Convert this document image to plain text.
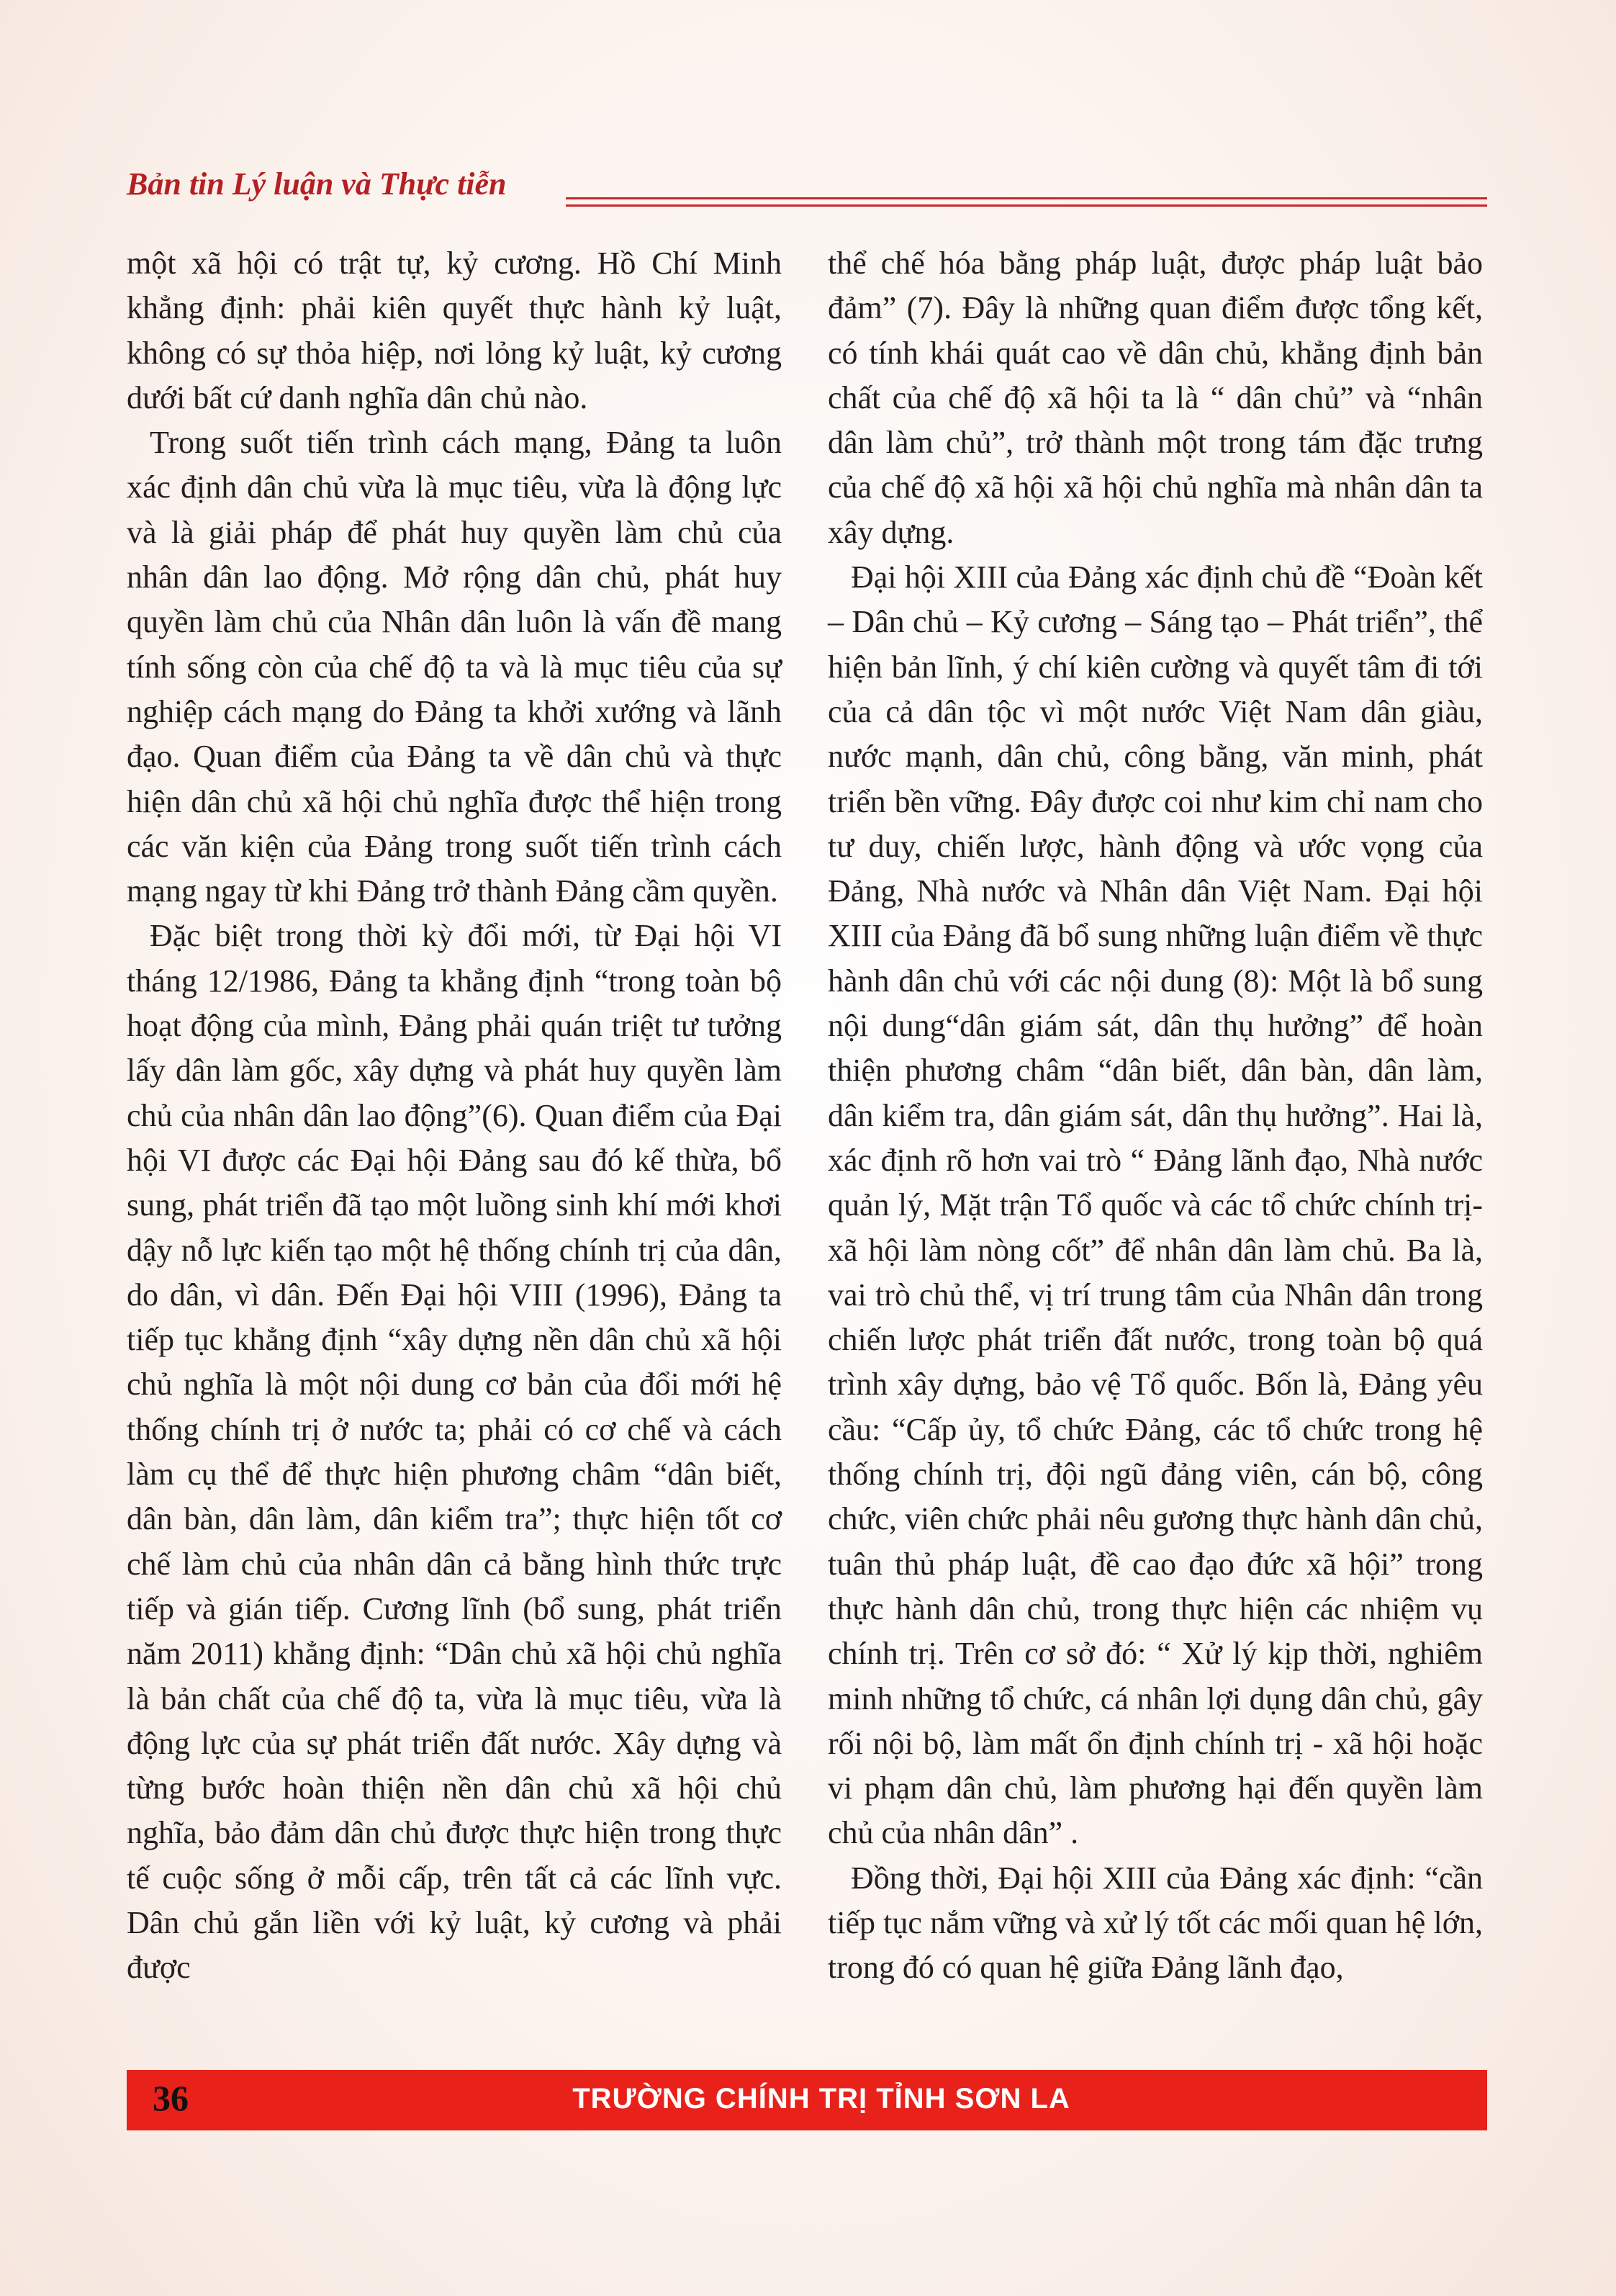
Bản tin Lý luận và Thực tiễn

một xã hội có trật tự, kỷ cương. Hồ Chí Minh khẳng định: phải kiên quyết thực hành kỷ luật, không có sự thỏa hiệp, nơi lỏng kỷ luật, kỷ cương dưới bất cứ danh nghĩa dân chủ nào.

Trong suốt tiến trình cách mạng, Đảng ta luôn xác định dân chủ vừa là mục tiêu, vừa là động lực và là giải pháp để phát huy quyền làm chủ của nhân dân lao động. Mở rộng dân chủ, phát huy quyền làm chủ của Nhân dân luôn là vấn đề mang tính sống còn của chế độ ta và là mục tiêu của sự nghiệp cách mạng do Đảng ta khởi xướng và lãnh đạo. Quan điểm của Đảng ta về dân chủ và thực hiện dân chủ xã hội chủ nghĩa được thể hiện trong các văn kiện của Đảng trong suốt tiến trình cách mạng ngay từ khi Đảng trở thành Đảng cầm quyền.

Đặc biệt trong thời kỳ đổi mới, từ Đại hội VI tháng 12/1986, Đảng ta khẳng định “trong toàn bộ hoạt động của mình, Đảng phải quán triệt tư tưởng lấy dân làm gốc, xây dựng và phát huy quyền làm chủ của nhân dân lao động”(6). Quan điểm của Đại hội VI được các Đại hội Đảng sau đó kế thừa, bổ sung, phát triển đã tạo một luồng sinh khí mới khơi dậy nỗ lực kiến tạo một hệ thống chính trị của dân, do dân, vì dân. Đến Đại hội VIII (1996), Đảng ta tiếp tục khẳng định “xây dựng nền dân chủ xã hội chủ nghĩa là một nội dung cơ bản của đổi mới hệ thống chính trị ở nước ta; phải có cơ chế và cách làm cụ thể để thực hiện phương châm “dân biết, dân bàn, dân làm, dân kiểm tra”; thực hiện tốt cơ chế làm chủ của nhân dân cả bằng hình thức trực tiếp và gián tiếp. Cương lĩnh (bổ sung, phát triển năm 2011) khẳng định: “Dân chủ xã hội chủ nghĩa là bản chất của chế độ ta, vừa là mục tiêu, vừa là động lực của sự phát triển đất nước. Xây dựng và từng bước hoàn thiện nền dân chủ xã hội chủ nghĩa, bảo đảm dân chủ được thực hiện trong thực tế cuộc sống ở mỗi cấp, trên tất cả các lĩnh vực. Dân chủ gắn liền với kỷ luật, kỷ cương và phải được

thể chế hóa bằng pháp luật, được pháp luật bảo đảm” (7). Đây là những quan điểm được tổng kết, có tính khái quát cao về dân chủ, khẳng định bản chất của chế độ xã hội ta là “ dân chủ” và “nhân dân làm chủ”, trở thành một trong tám đặc trưng của chế độ xã hội xã hội chủ nghĩa mà nhân dân ta xây dựng.

Đại hội XIII của Đảng xác định chủ đề “Đoàn kết – Dân chủ – Kỷ cương – Sáng tạo – Phát triển”, thể hiện bản lĩnh, ý chí kiên cường và quyết tâm đi tới của cả dân tộc vì một nước Việt Nam dân giàu, nước mạnh, dân chủ, công bằng, văn minh, phát triển bền vững. Đây được coi như kim chỉ nam cho tư duy, chiến lược, hành động và ước vọng của Đảng, Nhà nước và Nhân dân Việt Nam. Đại hội XIII của Đảng đã bổ sung những luận điểm về thực hành dân chủ với các nội dung (8): Một là bổ sung nội dung“dân giám sát, dân thụ hưởng” để hoàn thiện phương châm “dân biết, dân bàn, dân làm, dân kiểm tra, dân giám sát, dân thụ hưởng”. Hai là, xác định rõ hơn vai trò “ Đảng lãnh đạo, Nhà nước quản lý, Mặt trận Tổ quốc và các tổ chức chính trị- xã hội làm nòng cốt” để nhân dân làm chủ. Ba là, vai trò chủ thể, vị trí trung tâm của Nhân dân trong chiến lược phát triển đất nước, trong toàn bộ quá trình xây dựng, bảo vệ Tổ quốc. Bốn là, Đảng yêu cầu: “Cấp ủy, tổ chức Đảng, các tổ chức trong hệ thống chính trị, đội ngũ đảng viên, cán bộ, công chức, viên chức phải nêu gương thực hành dân chủ, tuân thủ pháp luật, đề cao đạo đức xã hội” trong thực hành dân chủ, trong thực hiện các nhiệm vụ chính trị. Trên cơ sở đó: “ Xử lý kịp thời, nghiêm minh những tổ chức, cá nhân lợi dụng dân chủ, gây rối nội bộ, làm mất ổn định chính trị - xã hội hoặc vi phạm dân chủ, làm phương hại đến quyền làm chủ của nhân dân” .

Đồng thời, Đại hội XIII của Đảng xác định: “cần tiếp tục nắm vững và xử lý tốt các mối quan hệ lớn, trong đó có quan hệ giữa Đảng lãnh đạo,

36	TRƯỜNG CHÍNH TRỊ TỈNH SƠN LA
